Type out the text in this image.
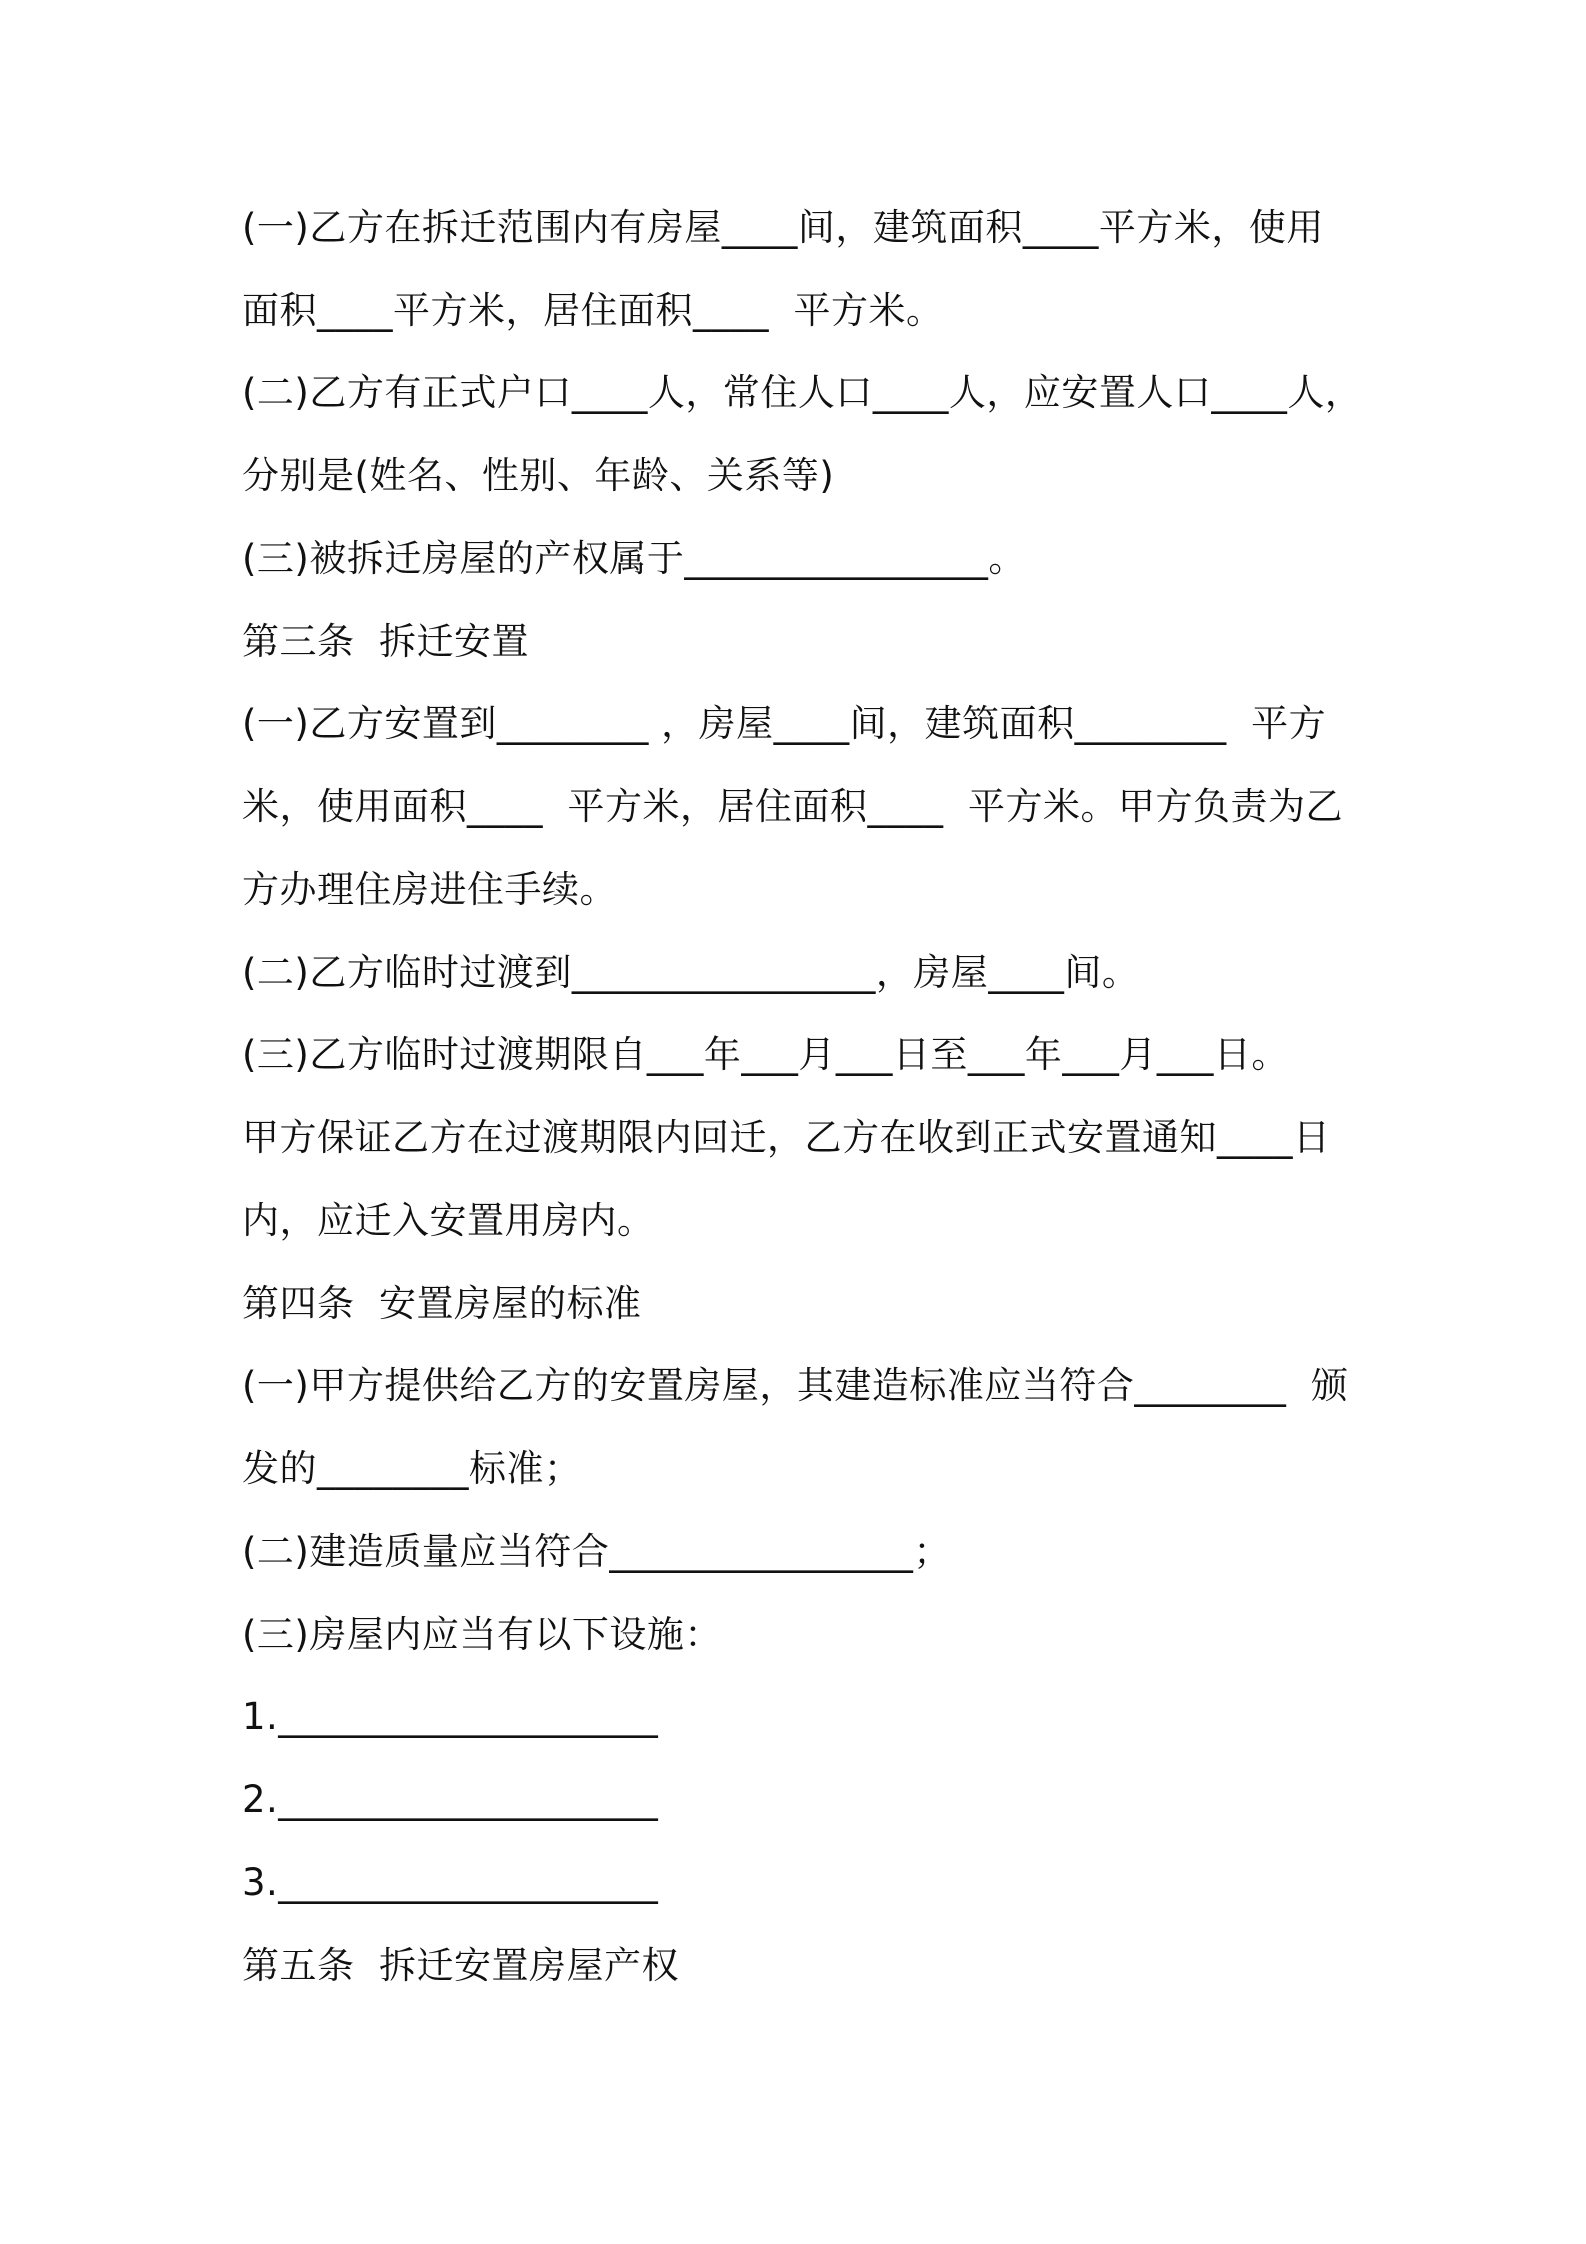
(一)乙方在拆迁范围内有房屋____间，建筑面积____平方米，使用
面积____平方米，居住面积____  平方米。
(二)乙方有正式户口____人，常住人口____人，应安置人口____人，
分别是(姓名、性别、年龄、关系等)
(三)被拆迁房屋的产权属于________________。
第三条  拆迁安置
(一)乙方安置到________ ，房屋____间，建筑面积________  平方
米，使用面积____  平方米，居住面积____  平方米。甲方负责为乙
方办理住房进住手续。
(二)乙方临时过渡到________________，房屋____间。
(三)乙方临时过渡期限自___年___月___日至___年___月___日。
甲方保证乙方在过渡期限内回迁，乙方在收到正式安置通知____日
内，应迁入安置用房内。
第四条  安置房屋的标准
(一)甲方提供给乙方的安置房屋，其建造标准应当符合________  颁
发的________标准；
(二)建造质量应当符合________________；
(三)房屋内应当有以下设施：
1.____________________
2.____________________
3.____________________
第五条  拆迁安置房屋产权
